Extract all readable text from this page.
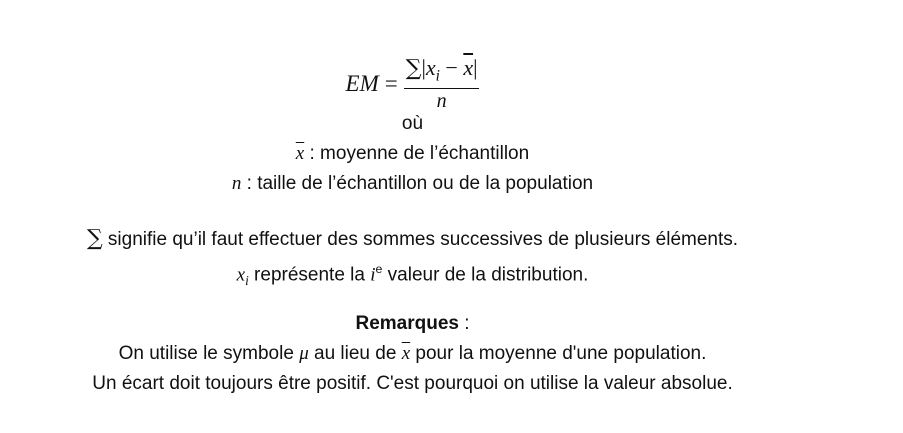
EM = $\frac{\sum|x_i - \overline{x}|}{n}$
où
$\overline{x}$ : moyenne de l’échantillon
n : taille de l’échantillon ou de la population
∑ signifie qu’il faut effectuer des sommes successives de plusieurs éléments.
$x_i$ représente la $i^e$ valeur de la distribution.
Remarques :
On utilise le symbole μ au lieu de $\overline{x}$ pour la moyenne d'une population.
Un écart doit toujours être positif. C'est pourquoi on utilise la valeur absolue.
